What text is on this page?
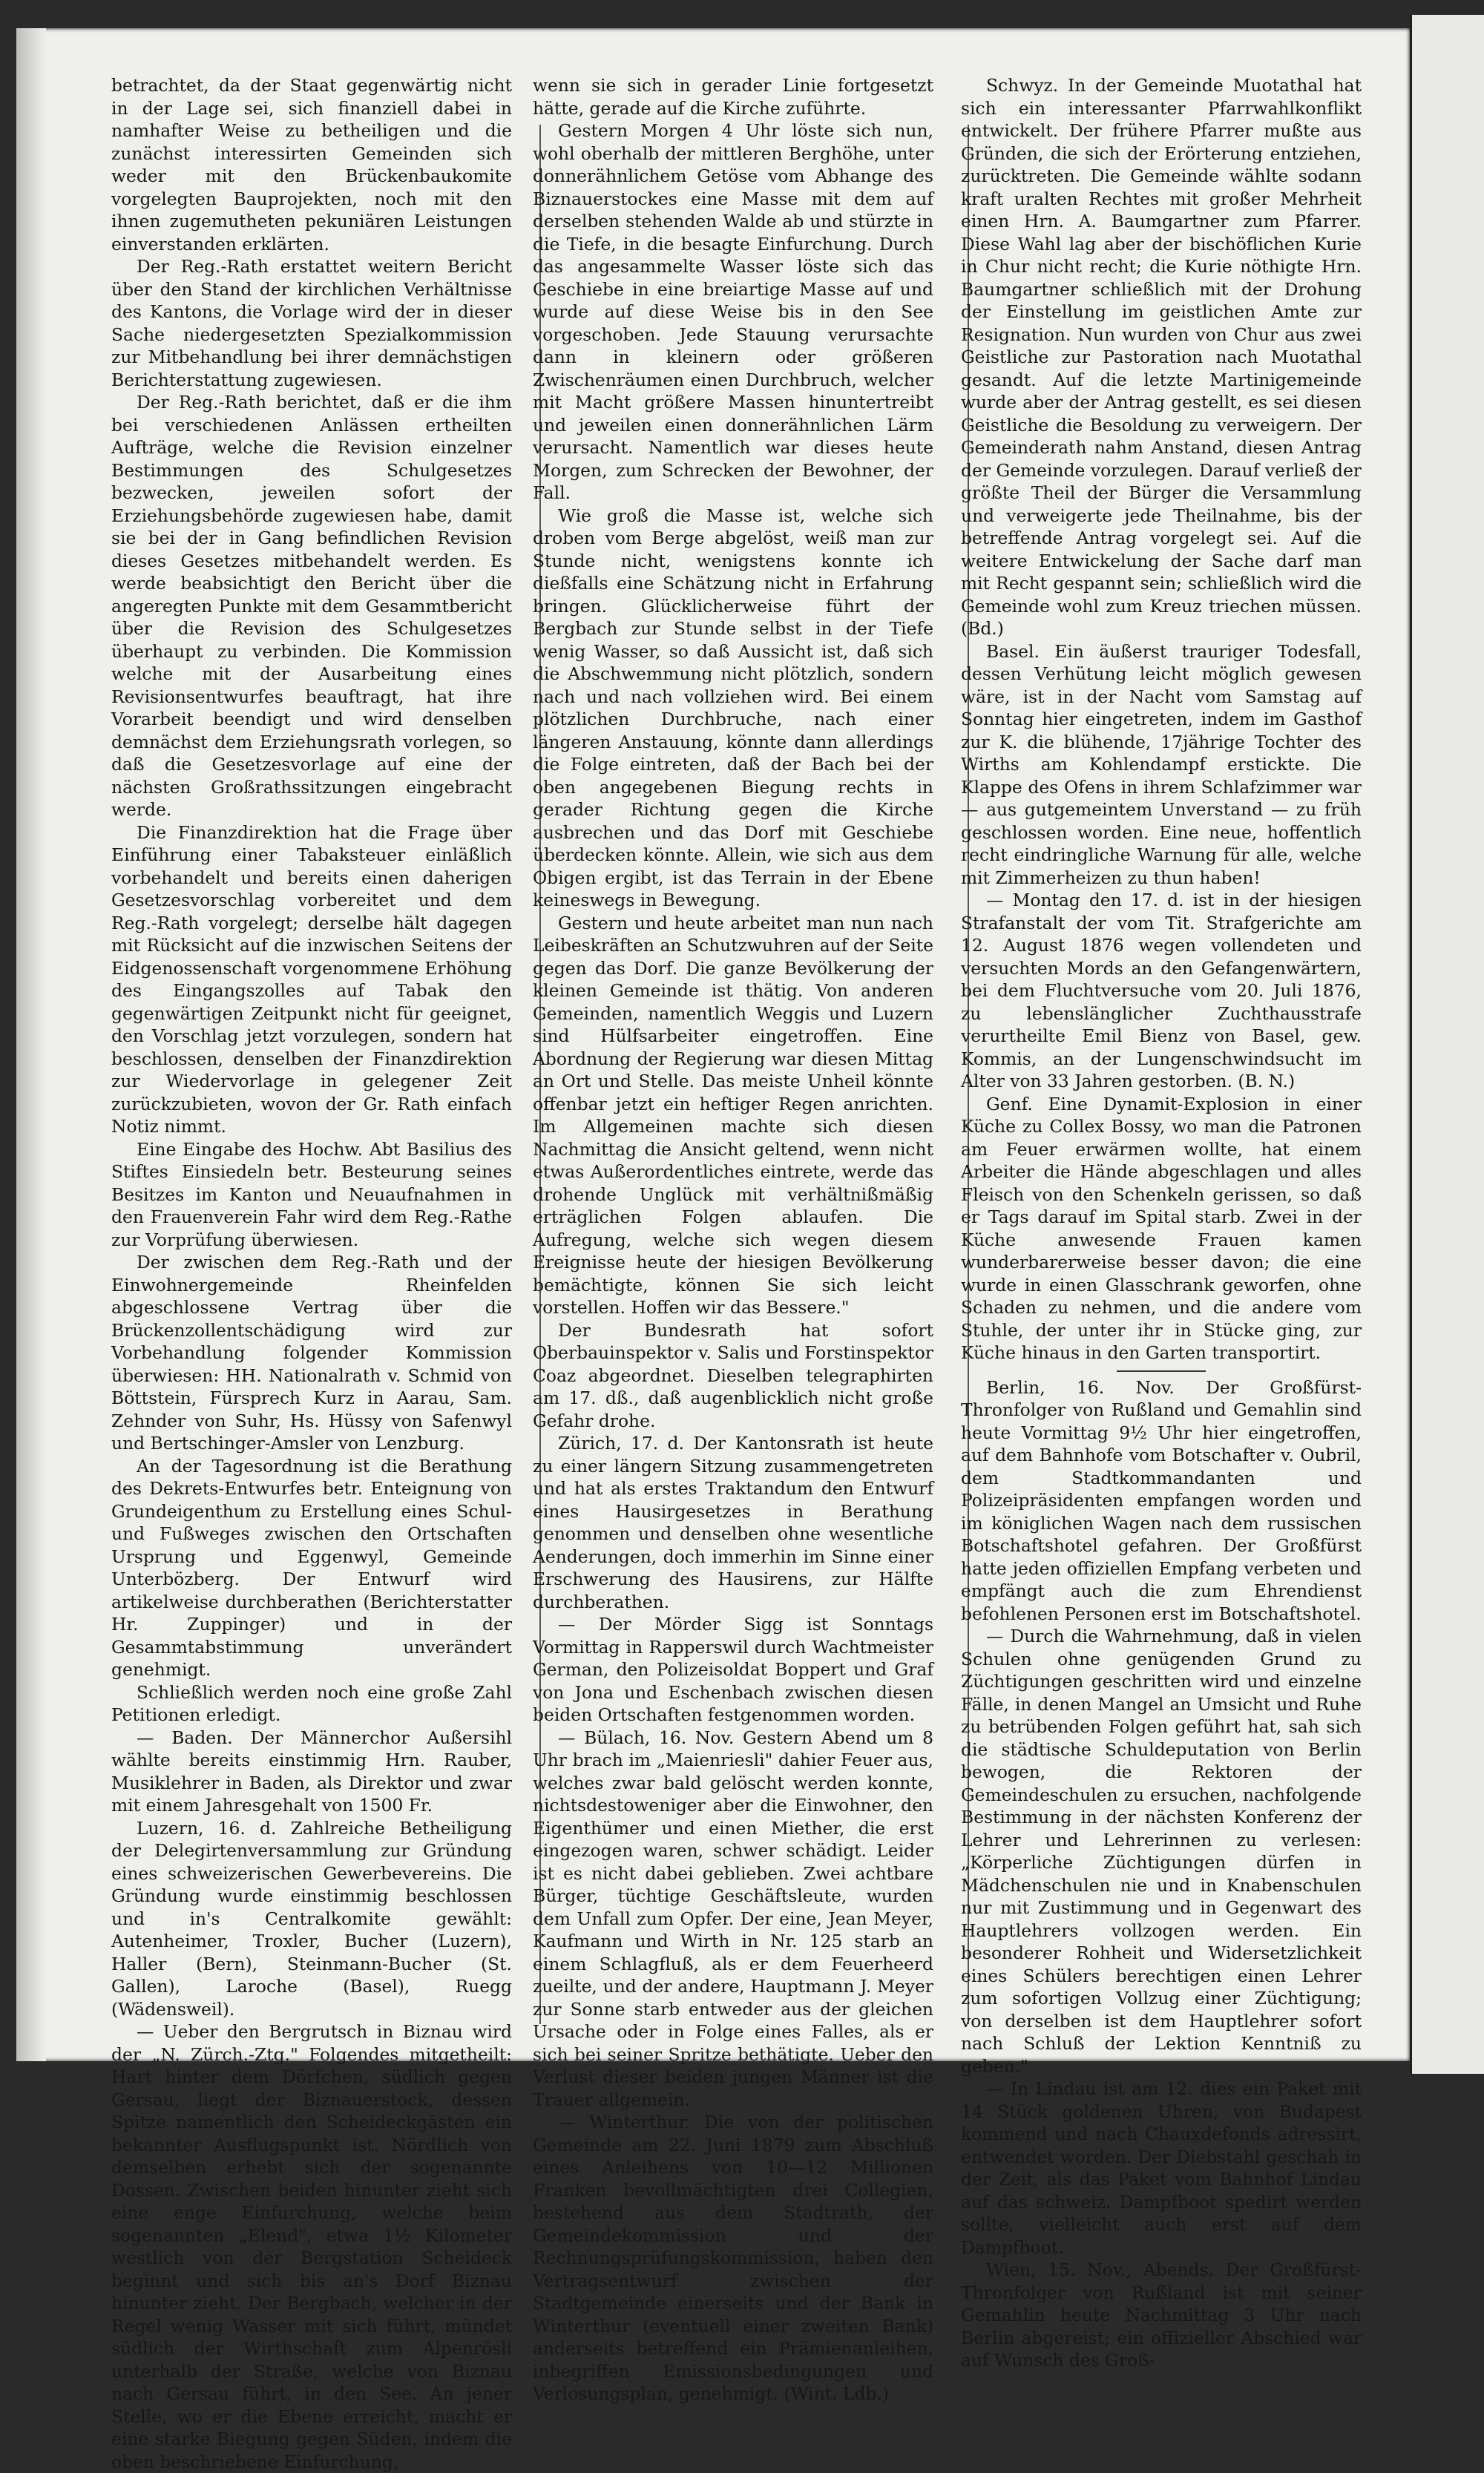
betrachtet, da der Staat gegenwärtig nicht in der Lage sei, sich finanziell dabei in namhafter Weise zu betheiligen und die zunächst interessirten Gemeinden sich weder mit den Brückenbaukomite vorgelegten Bauprojekten, noch mit den ihnen zugemutheten pekuniären Leistungen einverstanden erklärten.

Der Reg.-Rath erstattet weitern Bericht über den Stand der kirchlichen Verhältnisse des Kantons, die Vorlage wird der in dieser Sache niedergesetzten Spezialkommission zur Mitbehandlung bei ihrer demnächstigen Berichterstattung zugewiesen.

Der Reg.-Rath berichtet, daß er die ihm bei verschiedenen Anlässen ertheilten Aufträge, welche die Revision einzelner Bestimmungen des Schulgesetzes bezwecken, jeweilen sofort der Erziehungsbehörde zugewiesen habe, damit sie bei der in Gang befindlichen Revision dieses Gesetzes mitbehandelt werden. Es werde beabsichtigt den Bericht über die angeregten Punkte mit dem Gesammtbericht über die Revision des Schulgesetzes überhaupt zu verbinden. Die Kommission welche mit der Ausarbeitung eines Revisionsentwurfes beauftragt, hat ihre Vorarbeit beendigt und wird denselben demnächst dem Erziehungsrath vorlegen, so daß die Gesetzesvorlage auf eine der nächsten Großrathssitzungen eingebracht werde.

Die Finanzdirektion hat die Frage über Einführung einer Tabaksteuer einläßlich vorbehandelt und bereits einen daherigen Gesetzesvorschlag vorbereitet und dem Reg.-Rath vorgelegt; derselbe hält dagegen mit Rücksicht auf die inzwischen Seitens der Eidgenossenschaft vorgenommene Erhöhung des Eingangszolles auf Tabak den gegenwärtigen Zeitpunkt nicht für geeignet, den Vorschlag jetzt vorzulegen, sondern hat beschlossen, denselben der Finanzdirektion zur Wiedervorlage in gelegener Zeit zurückzubieten, wovon der Gr. Rath einfach Notiz nimmt.

Eine Eingabe des Hochw. Abt Basilius des Stiftes Einsiedeln betr. Besteurung seines Besitzes im Kanton und Neuaufnahmen in den Frauenverein Fahr wird dem Reg.-Rathe zur Vorprüfung überwiesen.

Der zwischen dem Reg.-Rath und der Einwohnergemeinde Rheinfelden abgeschlossene Vertrag über die Brückenzollentschädigung wird zur Vorbehandlung folgender Kommission überwiesen: HH. Nationalrath v. Schmid von Böttstein, Fürsprech Kurz in Aarau, Sam. Zehnder von Suhr, Hs. Hüssy von Safenwyl und Bertschinger-Amsler von Lenzburg.

An der Tagesordnung ist die Berathung des Dekrets-Entwurfes betr. Enteignung von Grundeigenthum zu Erstellung eines Schul- und Fußweges zwischen den Ortschaften Ursprung und Eggenwyl, Gemeinde Unterbözberg. Der Entwurf wird artikelweise durchberathen (Berichterstatter Hr. Zuppinger) und in der Gesammtabstimmung unverändert genehmigt.

Schließlich werden noch eine große Zahl Petitionen erledigt.

— Baden. Der Männerchor Außersihl wählte bereits einstimmig Hrn. Rauber, Musiklehrer in Baden, als Direktor und zwar mit einem Jahresgehalt von 1500 Fr.

Luzern, 16. d. Zahlreiche Betheiligung der Delegirtenversammlung zur Gründung eines schweizerischen Gewerbevereins. Die Gründung wurde einstimmig beschlossen und in's Centralkomite gewählt: Autenheimer, Troxler, Bucher (Luzern), Haller (Bern), Steinmann-Bucher (St. Gallen), Laroche (Basel), Ruegg (Wädensweil).

— Ueber den Bergrutsch in Biznau wird der „N. Zürch.-Ztg." Folgendes mitgetheilt: Hart hinter dem Dörfchen, südlich gegen Gersau, liegt der Biznauerstock, dessen Spitze namentlich den Scheideckgästen ein bekannter Ausflugspunkt ist. Nördlich von demselben erhebt sich der sogenannte Dossen. Zwischen beiden hinunter zieht sich eine enge Einfurchung, welche beim sogenannten „Elend", etwa 1½ Kilometer westlich von der Bergstation Scheideck beginnt und sich bis an's Dorf Biznau hinunter zieht. Der Bergbach, welcher in der Regel wenig Wasser mit sich führt, mündet südlich der Wirthschaft zum Alpenrösli unterhalb der Straße, welche von Biznau nach Gersau führt, in den See. An jener Stelle, wo er die Ebene erreicht, macht er eine starke Biegung gegen Süden, indem die oben beschriebene Einfurchung,

wenn sie sich in gerader Linie fortgesetzt hätte, gerade auf die Kirche zuführte.

Gestern Morgen 4 Uhr löste sich nun, wohl oberhalb der mittleren Berghöhe, unter donnerähnlichem Getöse vom Abhange des Biznauerstockes eine Masse mit dem auf derselben stehenden Walde ab und stürzte in die Tiefe, in die besagte Einfurchung. Durch das angesammelte Wasser löste sich das Geschiebe in eine breiartige Masse auf und wurde auf diese Weise bis in den See vorgeschoben. Jede Stauung verursachte dann in kleinern oder größeren Zwischenräumen einen Durchbruch, welcher mit Macht größere Massen hinuntertreibt und jeweilen einen donnerähnlichen Lärm verursacht. Namentlich war dieses heute Morgen, zum Schrecken der Bewohner, der Fall.

Wie groß die Masse ist, welche sich droben vom Berge abgelöst, weiß man zur Stunde nicht, wenigstens konnte ich dießfalls eine Schätzung nicht in Erfahrung bringen. Glücklicherweise führt der Bergbach zur Stunde selbst in der Tiefe wenig Wasser, so daß Aussicht ist, daß sich die Abschwemmung nicht plötzlich, sondern nach und nach vollziehen wird. Bei einem plötzlichen Durchbruche, nach einer längeren Anstauung, könnte dann allerdings die Folge eintreten, daß der Bach bei der oben angegebenen Biegung rechts in gerader Richtung gegen die Kirche ausbrechen und das Dorf mit Geschiebe überdecken könnte. Allein, wie sich aus dem Obigen ergibt, ist das Terrain in der Ebene keineswegs in Bewegung.

Gestern und heute arbeitet man nun nach Leibeskräften an Schutzwuhren auf der Seite gegen das Dorf. Die ganze Bevölkerung der kleinen Gemeinde ist thätig. Von anderen Gemeinden, namentlich Weggis und Luzern sind Hülfsarbeiter eingetroffen. Eine Abordnung der Regierung war diesen Mittag an Ort und Stelle. Das meiste Unheil könnte offenbar jetzt ein heftiger Regen anrichten. Im Allgemeinen machte sich diesen Nachmittag die Ansicht geltend, wenn nicht etwas Außerordentliches eintrete, werde das drohende Unglück mit verhältnißmäßig erträglichen Folgen ablaufen. Die Aufregung, welche sich wegen diesem Ereignisse heute der hiesigen Bevölkerung bemächtigte, können Sie sich leicht vorstellen. Hoffen wir das Bessere."

Der Bundesrath hat sofort Oberbauinspektor v. Salis und Forstinspektor Coaz abgeordnet. Dieselben telegraphirten am 17. dß., daß augenblicklich nicht große Gefahr drohe.

Zürich, 17. d. Der Kantonsrath ist heute zu einer längern Sitzung zusammengetreten und hat als erstes Traktandum den Entwurf eines Hausirgesetzes in Berathung genommen und denselben ohne wesentliche Aenderungen, doch immerhin im Sinne einer Erschwerung des Hausirens, zur Hälfte durchberathen.

— Der Mörder Sigg ist Sonntags Vormittag in Rapperswil durch Wachtmeister German, den Polizeisoldat Boppert und Graf von Jona und Eschenbach zwischen diesen beiden Ortschaften festgenommen worden.

— Bülach, 16. Nov. Gestern Abend um 8 Uhr brach im „Maienriesli" dahier Feuer aus, welches zwar bald gelöscht werden konnte, nichtsdestoweniger aber die Einwohner, den Eigenthümer und einen Miether, die erst eingezogen waren, schwer schädigt. Leider ist es nicht dabei geblieben. Zwei achtbare Bürger, tüchtige Geschäftsleute, wurden dem Unfall zum Opfer. Der eine, Jean Meyer, Kaufmann und Wirth in Nr. 125 starb an einem Schlagfluß, als er dem Feuerheerd zueilte, und der andere, Hauptmann J. Meyer zur Sonne starb entweder aus der gleichen Ursache oder in Folge eines Falles, als er sich bei seiner Spritze bethätigte. Ueber den Verlust dieser beiden jungen Männer ist die Trauer allgemein.

— Winterthur. Die von der politischen Gemeinde am 22. Juni 1879 zum Abschluß eines Anleihens von 10—12 Millionen Franken bevollmächtigten drei Collegien, bestehend aus dem Stadtrath, der Gemeindekommission und der Rechnungsprüfungskommission, haben den Vertragsentwurf zwischen der Stadtgemeinde einerseits und der Bank in Winterthur (eventuell einer zweiten Bank) anderseits betreffend ein Prämienanleihen, inbegriffen Emissionsbedingungen und Verlosungsplan, genehmigt. (Wint. Ldb.)

Schwyz. In der Gemeinde Muotathal hat sich ein interessanter Pfarrwahlkonflikt entwickelt. Der frühere Pfarrer mußte aus Gründen, die sich der Erörterung entziehen, zurücktreten. Die Gemeinde wählte sodann kraft uralten Rechtes mit großer Mehrheit einen Hrn. A. Baumgartner zum Pfarrer. Diese Wahl lag aber der bischöflichen Kurie in Chur nicht recht; die Kurie nöthigte Hrn. Baumgartner schließlich mit der Drohung der Einstellung im geistlichen Amte zur Resignation. Nun wurden von Chur aus zwei Geistliche zur Pastoration nach Muotathal gesandt. Auf die letzte Martinigemeinde wurde aber der Antrag gestellt, es sei diesen Geistliche die Besoldung zu verweigern. Der Gemeinderath nahm Anstand, diesen Antrag der Gemeinde vorzulegen. Darauf verließ der größte Theil der Bürger die Versammlung und verweigerte jede Theilnahme, bis der betreffende Antrag vorgelegt sei. Auf die weitere Entwickelung der Sache darf man mit Recht gespannt sein; schließlich wird die Gemeinde wohl zum Kreuz triechen müssen. (Bd.)

Basel. Ein äußerst trauriger Todesfall, dessen Verhütung leicht möglich gewesen wäre, ist in der Nacht vom Samstag auf Sonntag hier eingetreten, indem im Gasthof zur K. die blühende, 17jährige Tochter des Wirths am Kohlendampf erstickte. Die Klappe des Ofens in ihrem Schlafzimmer war — aus gutgemeintem Unverstand — zu früh geschlossen worden. Eine neue, hoffentlich recht eindringliche Warnung für alle, welche mit Zimmerheizen zu thun haben!

— Montag den 17. d. ist in der hiesigen Strafanstalt der vom Tit. Strafgerichte am 12. August 1876 wegen vollendeten und versuchten Mords an den Gefangenwärtern, bei dem Fluchtversuche vom 20. Juli 1876, zu lebenslänglicher Zuchthausstrafe verurtheilte Emil Bienz von Basel, gew. Kommis, an der Lungenschwindsucht im Alter von 33 Jahren gestorben. (B. N.)

Genf. Eine Dynamit-Explosion in einer Küche zu Collex Bossy, wo man die Patronen am Feuer erwärmen wollte, hat einem Arbeiter die Hände abgeschlagen und alles Fleisch von den Schenkeln gerissen, so daß er Tags darauf im Spital starb. Zwei in der Küche anwesende Frauen kamen wunderbarerweise besser davon; die eine wurde in einen Glasschrank geworfen, ohne Schaden zu nehmen, und die andere vom Stuhle, der unter ihr in Stücke ging, zur Küche hinaus in den Garten transportirt.

Berlin, 16. Nov. Der Großfürst-Thronfolger von Rußland und Gemahlin sind heute Vormittag 9½ Uhr hier eingetroffen, auf dem Bahnhofe vom Botschafter v. Oubril, dem Stadtkommandanten und Polizeipräsidenten empfangen worden und im königlichen Wagen nach dem russischen Botschaftshotel gefahren. Der Großfürst hatte jeden offiziellen Empfang verbeten und empfängt auch die zum Ehrendienst befohlenen Personen erst im Botschaftshotel.

— Durch die Wahrnehmung, daß in vielen Schulen ohne genügenden Grund zu Züchtigungen geschritten wird und einzelne Fälle, in denen Mangel an Umsicht und Ruhe zu betrübenden Folgen geführt hat, sah sich die städtische Schuldeputation von Berlin bewogen, die Rektoren der Gemeindeschulen zu ersuchen, nachfolgende Bestimmung in der nächsten Konferenz der Lehrer und Lehrerinnen zu verlesen: „Körperliche Züchtigungen dürfen in Mädchenschulen nie und in Knabenschulen nur mit Zustimmung und in Gegenwart des Hauptlehrers vollzogen werden. Ein besonderer Rohheit und Widersetzlichkeit eines Schülers berechtigen einen Lehrer zum sofortigen Vollzug einer Züchtigung; von derselben ist dem Hauptlehrer sofort nach Schluß der Lektion Kenntniß zu geben."

— In Lindau ist am 12. dies ein Paket mit 14 Stück goldenen Uhren, von Budapest kommend und nach Chauxdefonds adressirt, entwendet worden. Der Diebstahl geschah in der Zeit, als das Paket vom Bahnhof Lindau auf das schweiz. Dampfboot spedirt werden sollte, vielleicht auch erst auf dem Dampfboot.

Wien, 15. Nov., Abends. Der Großfürst-Thronfolger von Rußland ist mit seiner Gemahlin heute Nachmittag 3 Uhr nach Berlin abgereist; ein offizieller Abschied war auf Wunsch des Groß-
